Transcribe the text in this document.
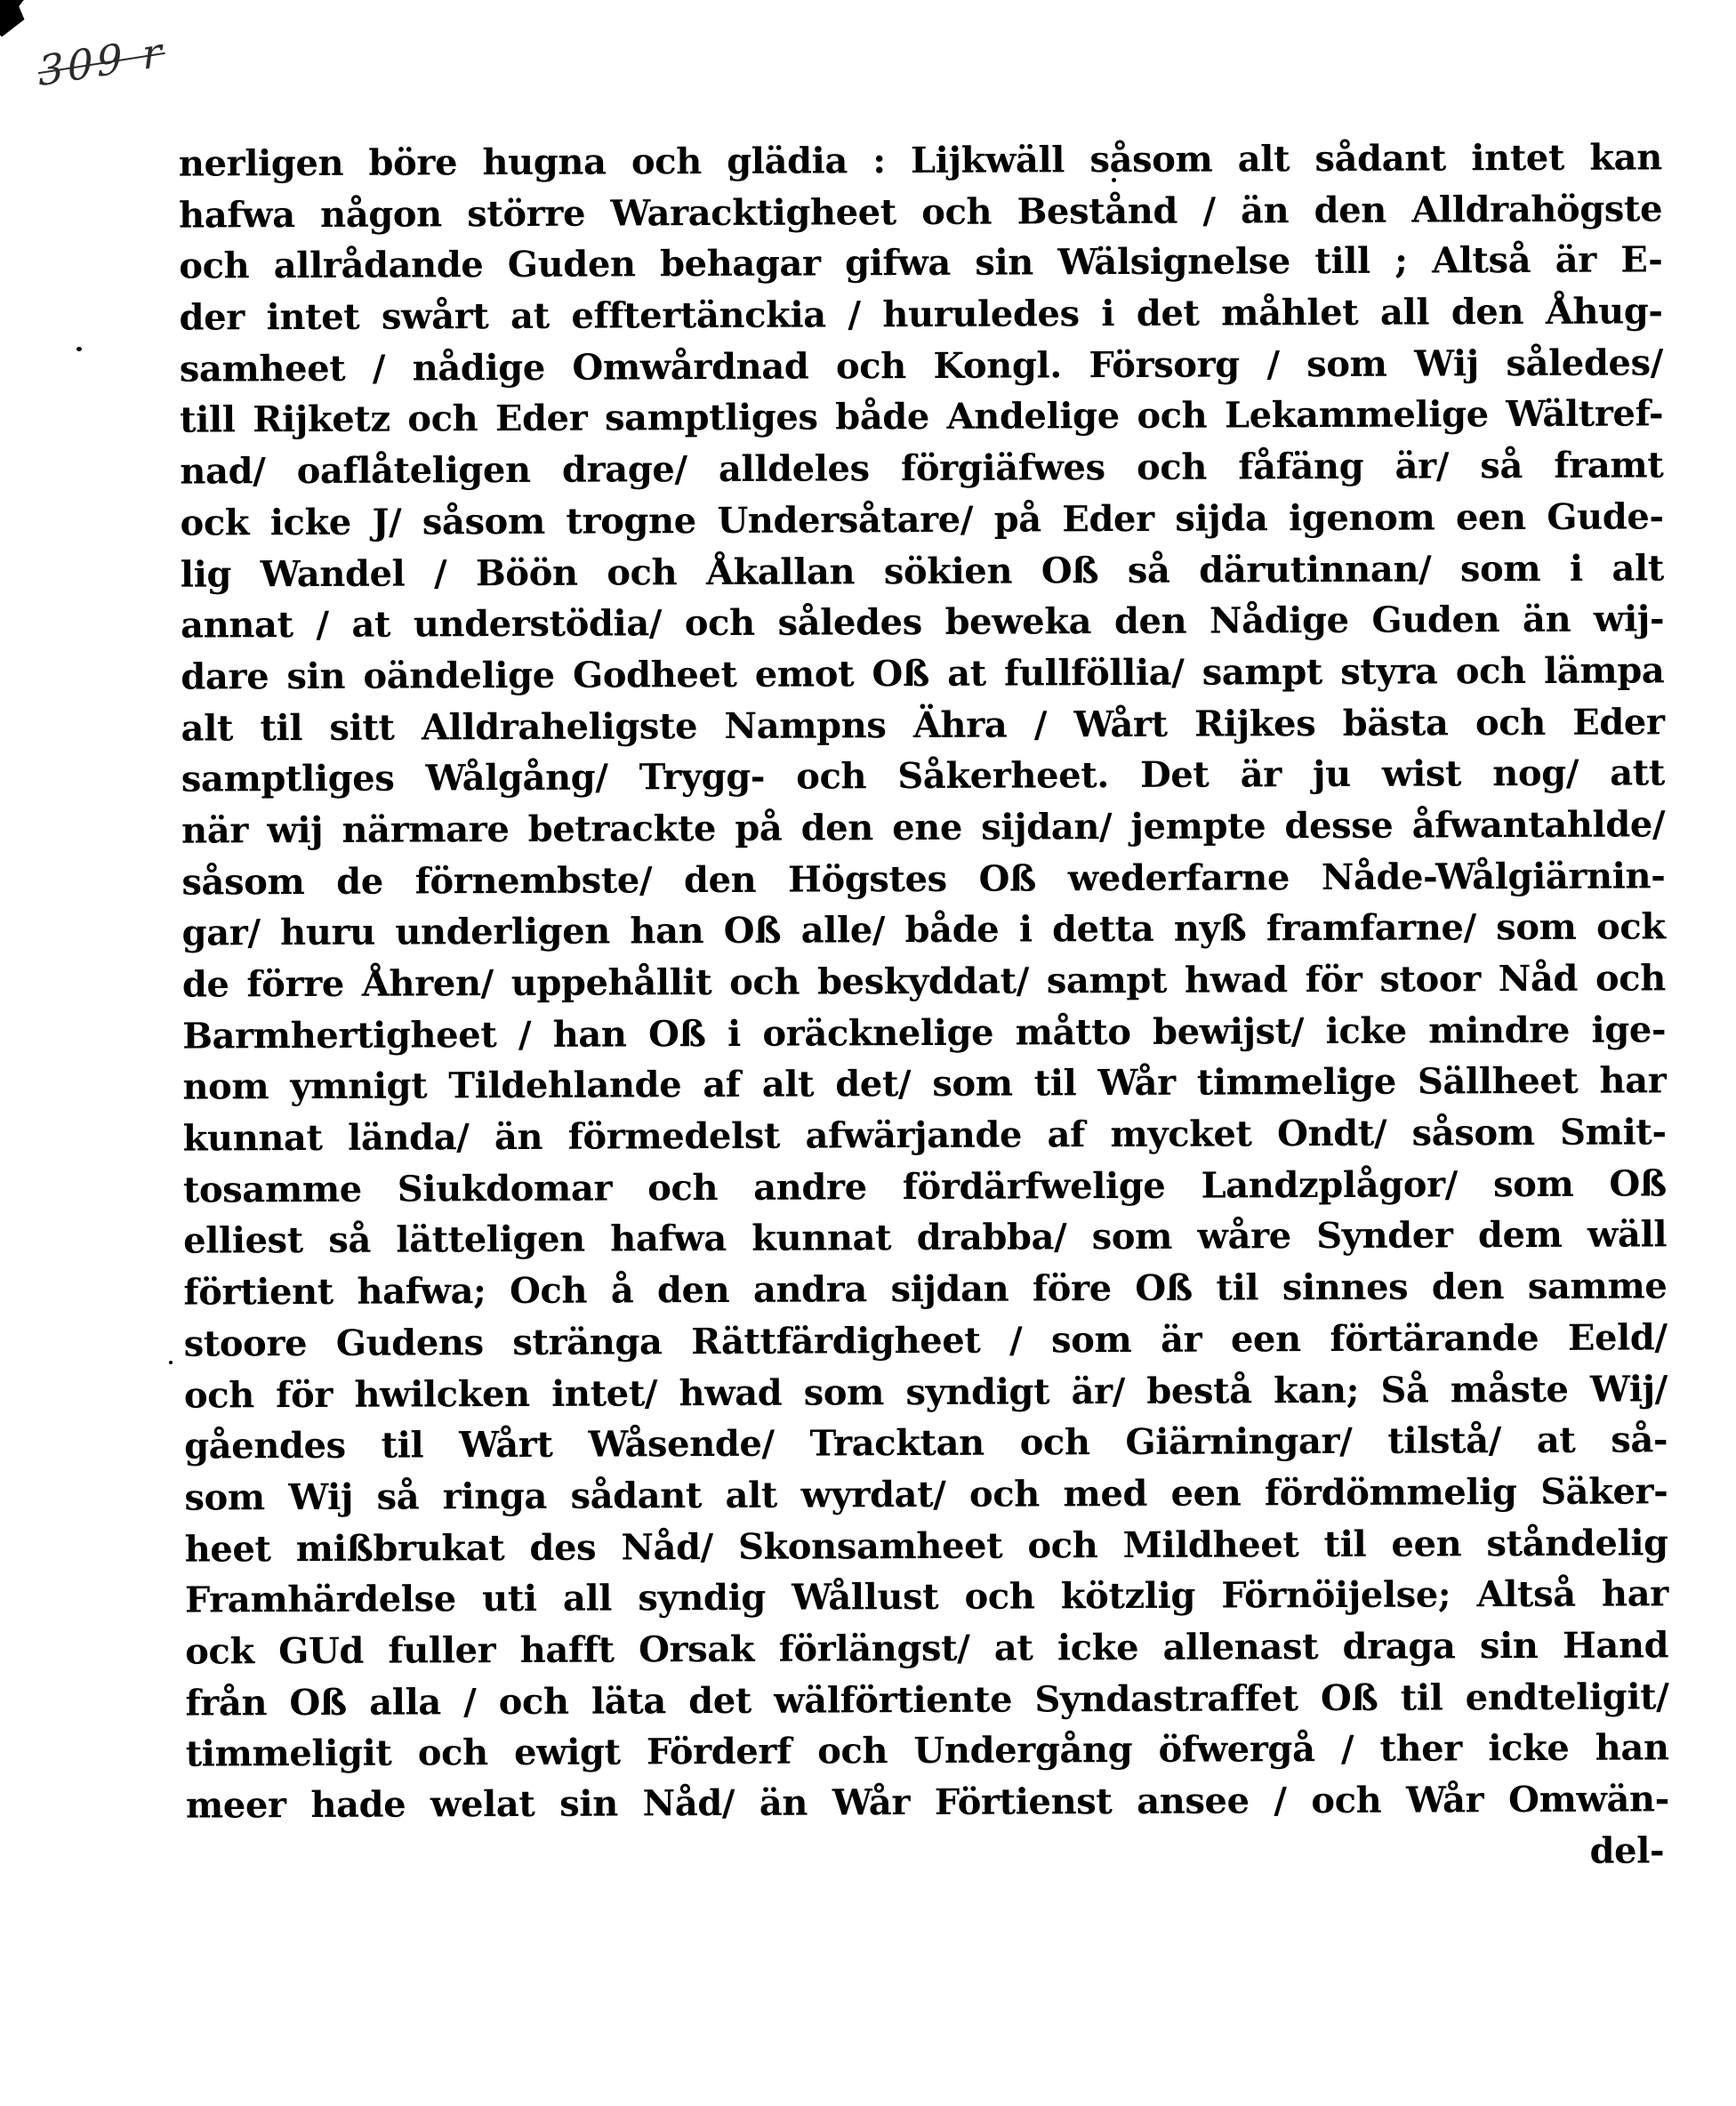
309 r
nerligen böre hugna och glädia : Lijkwäll såsom alt sådant intet kan
hafwa någon större Waracktigheet och Bestånd / än den Alldrahögste
och allrådande Guden behagar gifwa sin Wälsignelse till ; Altså är E-
der intet swårt at efftertänckia / huruledes i det måhlet all den Åhug-
samheet / nådige Omwårdnad och Kongl. Försorg / som Wij således/
till Rijketz och Eder samptliges både Andelige och Lekammelige Wältref-
nad/ oaflåteligen drage/ alldeles förgiäfwes och fåfäng är/ så framt
ock icke J/ såsom trogne Undersåtare/ på Eder sijda igenom een Gude-
lig Wandel / Böön och Åkallan sökien Oß så därutinnan/ som i alt
annat / at understödia/ och således beweka den Nådige Guden än wij-
dare sin oändelige Godheet emot Oß at fullföllia/ sampt styra och lämpa
alt til sitt Alldraheligste Nampns Ähra / Wårt Rijkes bästa och Eder
samptliges Wålgång/ Trygg- och Såkerheet. Det är ju wist nog/ att
när wij närmare betrackte på den ene sijdan/ jempte desse åfwantahlde/
såsom de förnembste/ den Högstes Oß wederfarne Nåde-Wålgiärnin-
gar/ huru underligen han Oß alle/ både i detta nyß framfarne/ som ock
de förre Åhren/ uppehållit och beskyddat/ sampt hwad för stoor Nåd och
Barmhertigheet / han Oß i oräcknelige måtto bewijst/ icke mindre ige-
nom ymnigt Tildehlande af alt det/ som til Wår timmelige Sällheet har
kunnat lända/ än förmedelst afwärjande af mycket Ondt/ såsom Smit-
tosamme Siukdomar och andre fördärfwelige Landzplågor/ som Oß
elliest så lätteligen hafwa kunnat drabba/ som wåre Synder dem wäll
förtient hafwa; Och å den andra sijdan före Oß til sinnes den samme
stoore Gudens stränga Rättfärdigheet / som är een förtärande Eeld/
och för hwilcken intet/ hwad som syndigt är/ bestå kan; Så måste Wij/
gåendes til Wårt Wåsende/ Tracktan och Giärningar/ tilstå/ at så-
som Wij så ringa sådant alt wyrdat/ och med een fördömmelig Säker-
heet mißbrukat des Nåd/ Skonsamheet och Mildheet til een ståndelig
Framhärdelse uti all syndig Wållust och kötzlig Förnöijelse; Altså har
ock GUd fuller hafft Orsak förlängst/ at icke allenast draga sin Hand
från Oß alla / och läta det wälförtiente Syndastraffet Oß til endteligit/
timmeligit och ewigt Förderf och Undergång öfwergå / ther icke han
meer hade welat sin Nåd/ än Wår Förtienst ansee / och Wår Omwän-
del-
